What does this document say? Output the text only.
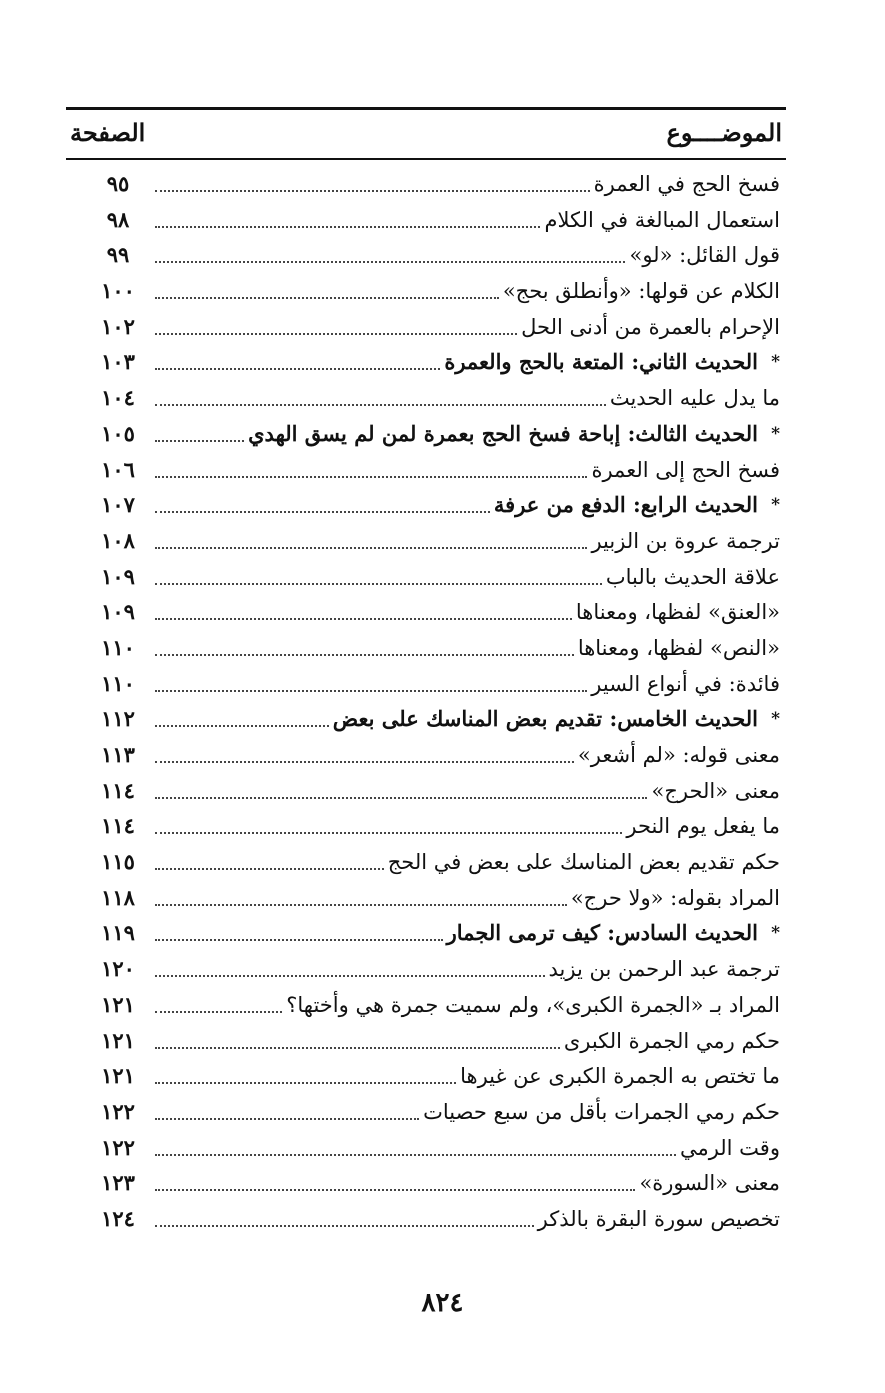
الموضــــوع
الصفحة
فسخ الحج في العمرة
٩٥
استعمال المبالغة في الكلام
٩٨
قول القائل: «لو»
٩٩
الكلام عن قولها: «وأنطلق بحج»
١٠٠
الإحرام بالعمرة من أدنى الحل
١٠٢
*
الحديث الثاني: المتعة بالحج والعمرة
١٠٣
ما يدل عليه الحديث
١٠٤
*
الحديث الثالث: إباحة فسخ الحج بعمرة لمن لم يسق الهدي
١٠٥
فسخ الحج إلى العمرة
١٠٦
*
الحديث الرابع: الدفع من عرفة
١٠٧
ترجمة عروة بن الزبير
١٠٨
علاقة الحديث بالباب
١٠٩
«العنق» لفظها، ومعناها
١٠٩
«النص» لفظها، ومعناها
١١٠
فائدة: في أنواع السير
١١٠
*
الحديث الخامس: تقديم بعض المناسك على بعض
١١٢
معنى قوله: «لم أشعر»
١١٣
معنى «الحرج»
١١٤
ما يفعل يوم النحر
١١٤
حكم تقديم بعض المناسك على بعض في الحج
١١٥
المراد بقوله: «ولا حرج»
١١٨
*
الحديث السادس: كيف ترمى الجمار
١١٩
ترجمة عبد الرحمن بن يزيد
١٢٠
المراد بـ «الجمرة الكبرى»، ولم سميت جمرة هي وأختها؟
١٢١
حكم رمي الجمرة الكبرى
١٢١
ما تختص به الجمرة الكبرى عن غيرها
١٢١
حكم رمي الجمرات بأقل من سبع حصيات
١٢٢
وقت الرمي
١٢٢
معنى «السورة»
١٢٣
تخصيص سورة البقرة بالذكر
١٢٤
٨٢٤
